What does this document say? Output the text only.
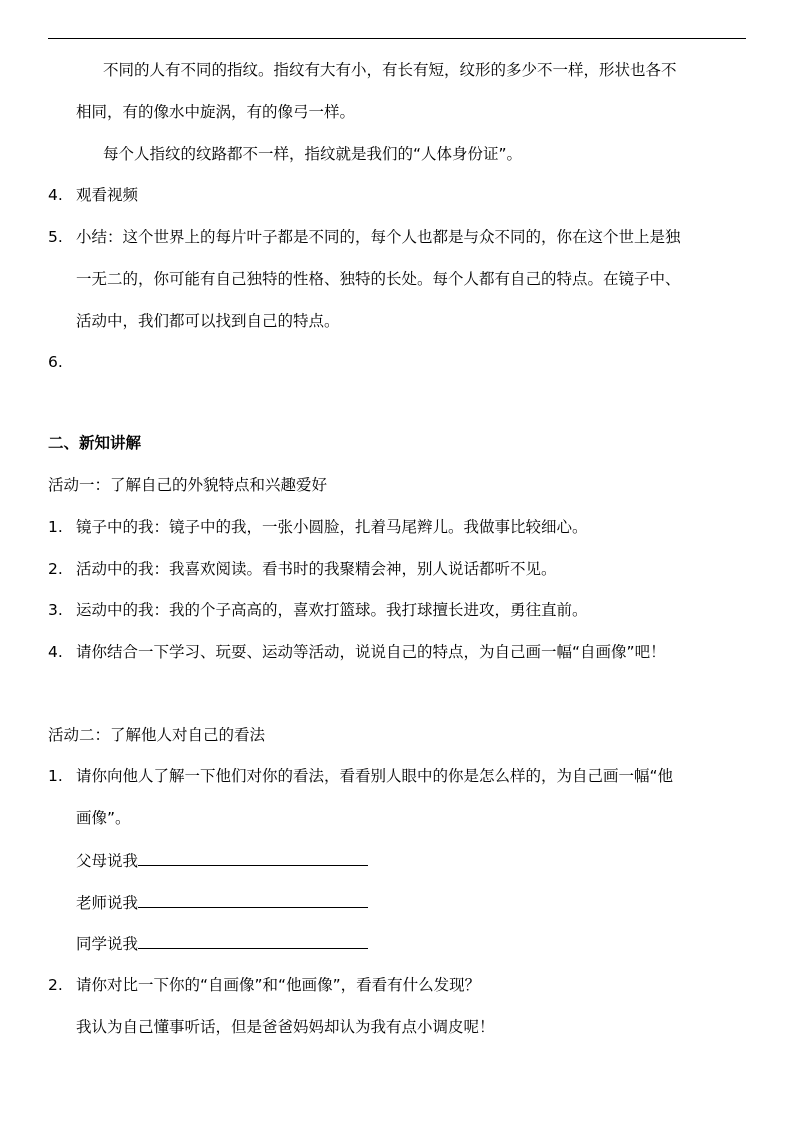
不同的人有不同的指纹。指纹有大有小，有长有短，纹形的多少不一样，形状也各不
相同，有的像水中旋涡，有的像弓一样。
每个人指纹的纹路都不一样，指纹就是我们的“人体身份证”。
4. 观看视频
5. 小结：这个世界上的每片叶子都是不同的，每个人也都是与众不同的，你在这个世上是独
一无二的，你可能有自己独特的性格、独特的长处。每个人都有自己的特点。在镜子中、
活动中，我们都可以找到自己的特点。
6.
二、新知讲解
活动一：了解自己的外貌特点和兴趣爱好
1. 镜子中的我：镜子中的我，一张小圆脸，扎着马尾辫儿。我做事比较细心。
2. 活动中的我：我喜欢阅读。看书时的我聚精会神，别人说话都听不见。
3. 运动中的我：我的个子高高的，喜欢打篮球。我打球擅长进攻，勇往直前。
4. 请你结合一下学习、玩耍、运动等活动，说说自己的特点，为自己画一幅“自画像”吧！
活动二：了解他人对自己的看法
1. 请你向他人了解一下他们对你的看法，看看别人眼中的你是怎么样的，为自己画一幅“他
画像”。
父母说我
老师说我
同学说我
2. 请你对比一下你的“自画像”和“他画像”，看看有什么发现？
我认为自己懂事听话，但是爸爸妈妈却认为我有点小调皮呢！
